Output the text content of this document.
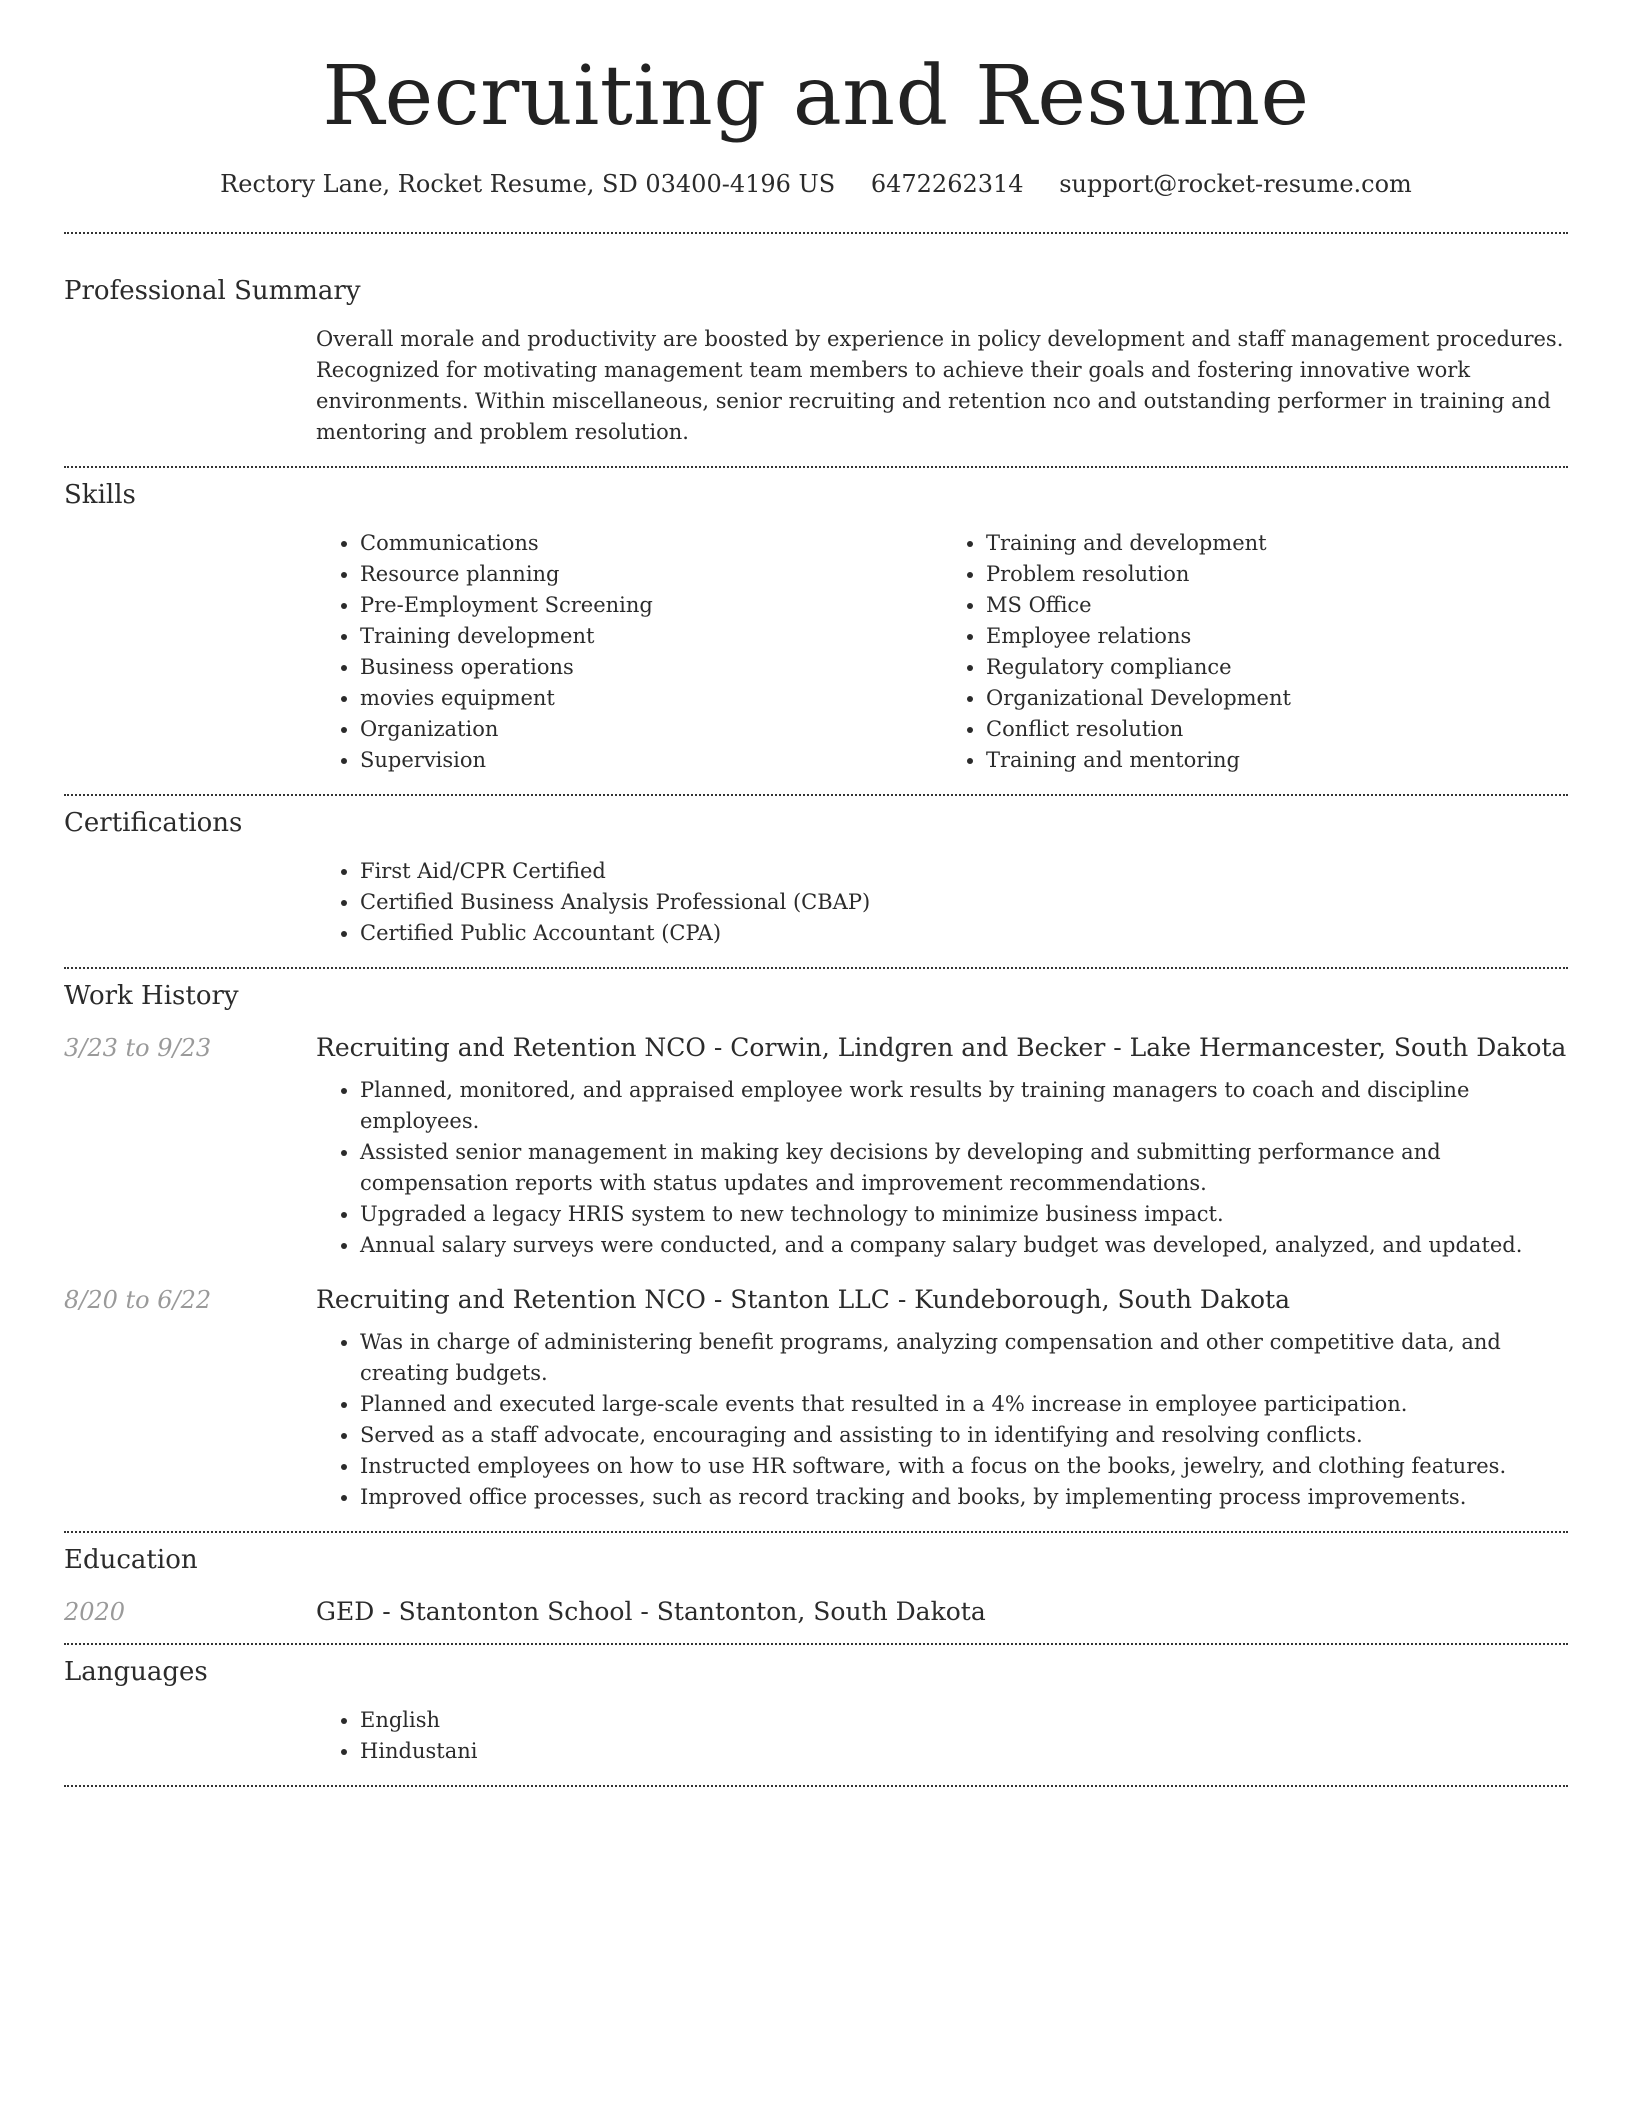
Recruiting and Resume
Rectory Lane, Rocket Resume, SD 03400-4196 US 6472262314 support@rocket-resume.com
Professional Summary

Overall morale and productivity are boosted by experience in policy development and staff management procedures. Recognized for motivating management team members to achieve their goals and fostering innovative work environments. Within miscellaneous, senior recruiting and retention nco and outstanding performer in training and mentoring and problem resolution.

Skills
• Communications
• Resource planning
• Pre-Employment Screening
• Training development
• Business operations
• movies equipment
• Organization
• Supervision
• Training and development
• Problem resolution
• MS Office
• Employee relations
• Regulatory compliance
• Organizational Development
• Conflict resolution
• Training and mentoring
Certifications
• First Aid/CPR Certified
• Certified Business Analysis Professional (CBAP)
• Certified Public Accountant (CPA)
Work History
3/23 to 9/23	Recruiting and Retention NCO - Corwin, Lindgren and Becker - Lake Hermancester, South Dakota
• Planned, monitored, and appraised employee work results by training managers to coach and discipline employees.
• Assisted senior management in making key decisions by developing and submitting performance and compensation reports with status updates and improvement recommendations.
• Upgraded a legacy HRIS system to new technology to minimize business impact.
• Annual salary surveys were conducted, and a company salary budget was developed, analyzed, and updated.
8/20 to 6/22	Recruiting and Retention NCO - Stanton LLC - Kundeborough, South Dakota
• Was in charge of administering benefit programs, analyzing compensation and other competitive data, and creating budgets.
• Planned and executed large-scale events that resulted in a 4% increase in employee participation.
• Served as a staff advocate, encouraging and assisting to in identifying and resolving conflicts.
• Instructed employees on how to use HR software, with a focus on the books, jewelry, and clothing features.
• Improved office processes, such as record tracking and books, by implementing process improvements.
Education
2020	GED - Stantonton School - Stantonton, South Dakota
Languages
• English
• Hindustani
